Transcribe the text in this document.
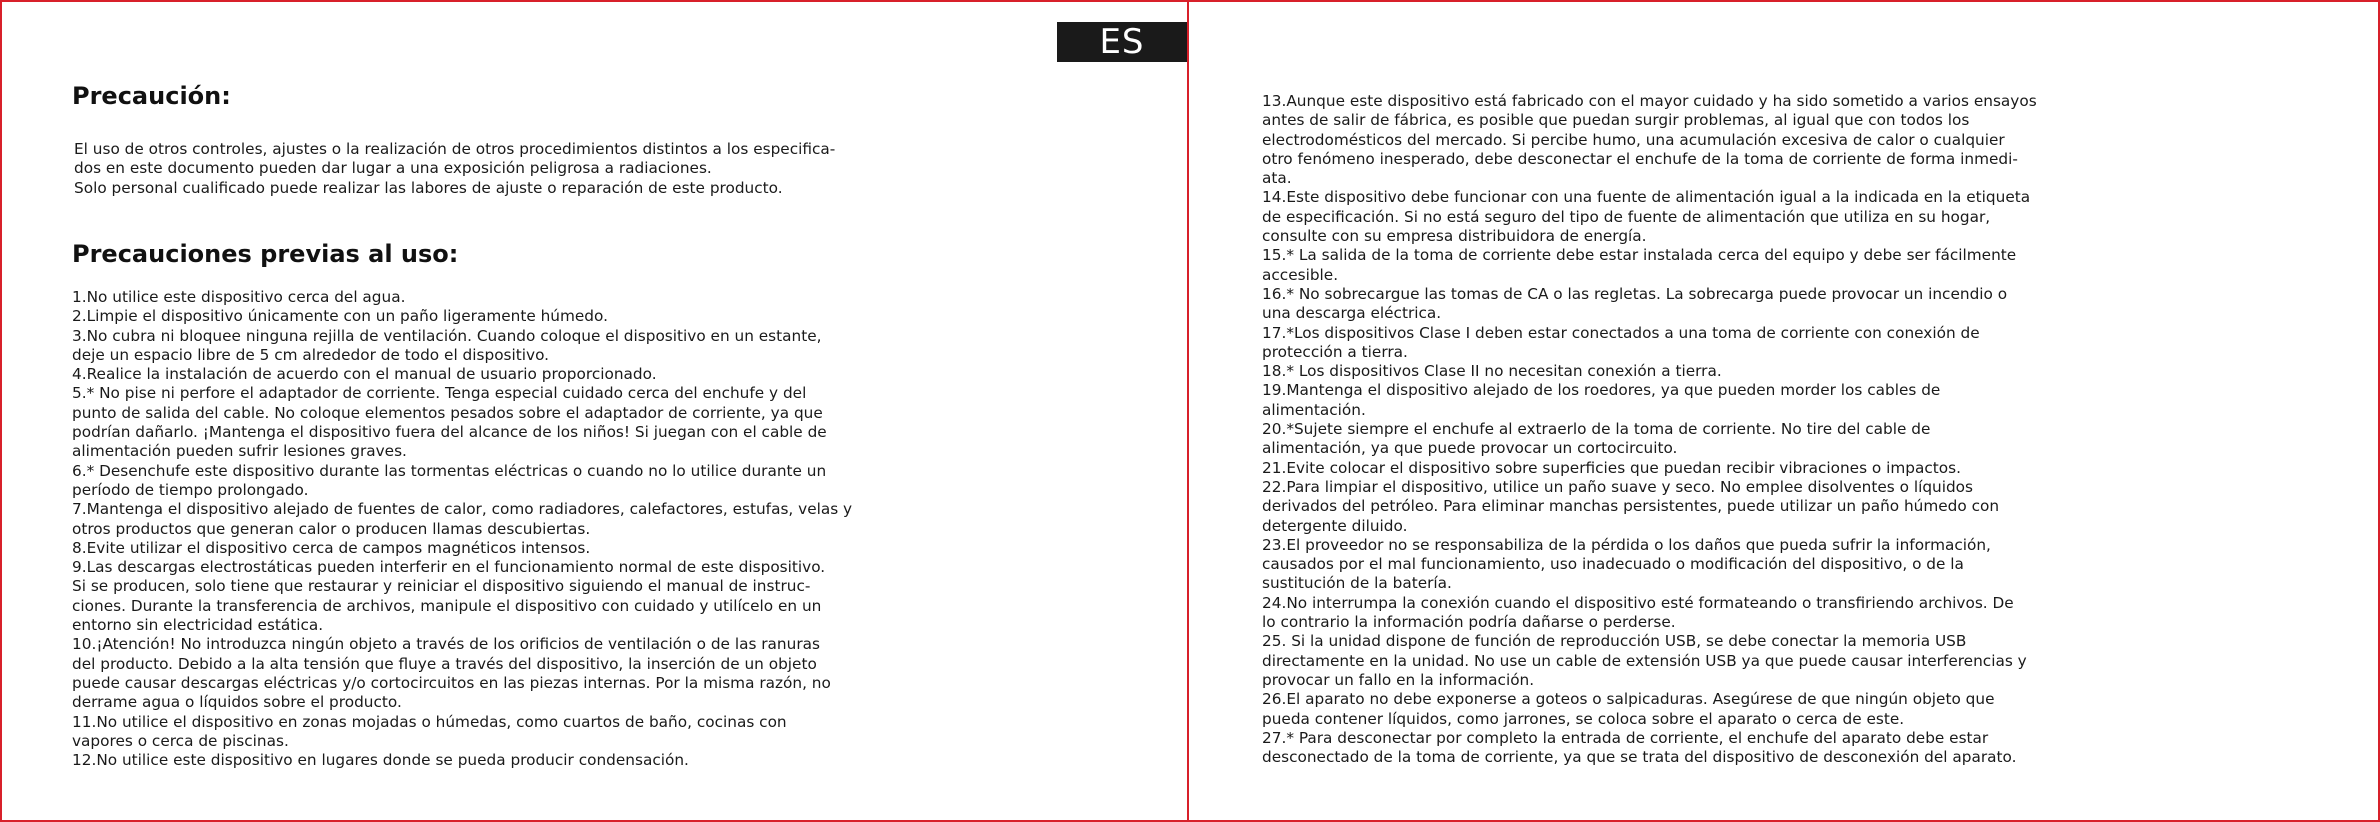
ES
Precaución:
El uso de otros controles, ajustes o la realización de otros procedimientos distintos a los especifica-
dos en este documento pueden dar lugar a una exposición peligrosa a radiaciones.
Solo personal cualificado puede realizar las labores de ajuste o reparación de este producto.
Precauciones previas al uso:
1.No utilice este dispositivo cerca del agua.
2.Limpie el dispositivo únicamente con un paño ligeramente húmedo.
3.No cubra ni bloquee ninguna rejilla de ventilación. Cuando coloque el dispositivo en un estante,
deje un espacio libre de 5 cm alrededor de todo el dispositivo.
4.Realice la instalación de acuerdo con el manual de usuario proporcionado.
5.* No pise ni perfore el adaptador de corriente. Tenga especial cuidado cerca del enchufe y del
punto de salida del cable. No coloque elementos pesados sobre el adaptador de corriente, ya que
podrían dañarlo. ¡Mantenga el dispositivo fuera del alcance de los niños! Si juegan con el cable de
alimentación pueden sufrir lesiones graves.
6.* Desenchufe este dispositivo durante las tormentas eléctricas o cuando no lo utilice durante un
período de tiempo prolongado.
7.Mantenga el dispositivo alejado de fuentes de calor, como radiadores, calefactores, estufas, velas y
otros productos que generan calor o producen llamas descubiertas.
8.Evite utilizar el dispositivo cerca de campos magnéticos intensos.
9.Las descargas electrostáticas pueden interferir en el funcionamiento normal de este dispositivo.
Si se producen, solo tiene que restaurar y reiniciar el dispositivo siguiendo el manual de instruc-
ciones. Durante la transferencia de archivos, manipule el dispositivo con cuidado y utilícelo en un
entorno sin electricidad estática.
10.¡Atención! No introduzca ningún objeto a través de los orificios de ventilación o de las ranuras
del producto. Debido a la alta tensión que fluye a través del dispositivo, la inserción de un objeto
puede causar descargas eléctricas y/o cortocircuitos en las piezas internas. Por la misma razón, no
derrame agua o líquidos sobre el producto.
11.No utilice el dispositivo en zonas mojadas o húmedas, como cuartos de baño, cocinas con
vapores o cerca de piscinas.
12.No utilice este dispositivo en lugares donde se pueda producir condensación.
13.Aunque este dispositivo está fabricado con el mayor cuidado y ha sido sometido a varios ensayos
antes de salir de fábrica, es posible que puedan surgir problemas, al igual que con todos los
electrodomésticos del mercado. Si percibe humo, una acumulación excesiva de calor o cualquier
otro fenómeno inesperado, debe desconectar el enchufe de la toma de corriente de forma inmedi-
ata.
14.Este dispositivo debe funcionar con una fuente de alimentación igual a la indicada en la etiqueta
de especificación. Si no está seguro del tipo de fuente de alimentación que utiliza en su hogar,
consulte con su empresa distribuidora de energía.
15.* La salida de la toma de corriente debe estar instalada cerca del equipo y debe ser fácilmente
accesible.
16.* No sobrecargue las tomas de CA o las regletas. La sobrecarga puede provocar un incendio o
una descarga eléctrica.
17.*Los dispositivos Clase I deben estar conectados a una toma de corriente con conexión de
protección a tierra.
18.* Los dispositivos Clase II no necesitan conexión a tierra.
19.Mantenga el dispositivo alejado de los roedores, ya que pueden morder los cables de
alimentación.
20.*Sujete siempre el enchufe al extraerlo de la toma de corriente. No tire del cable de
alimentación, ya que puede provocar un cortocircuito.
21.Evite colocar el dispositivo sobre superficies que puedan recibir vibraciones o impactos.
22.Para limpiar el dispositivo, utilice un paño suave y seco. No emplee disolventes o líquidos
derivados del petróleo. Para eliminar manchas persistentes, puede utilizar un paño húmedo con
detergente diluido.
23.El proveedor no se responsabiliza de la pérdida o los daños que pueda sufrir la información,
causados por el mal funcionamiento, uso inadecuado o modificación del dispositivo, o de la
sustitución de la batería.
24.No interrumpa la conexión cuando el dispositivo esté formateando o transfiriendo archivos. De
lo contrario la información podría dañarse o perderse.
25. Si la unidad dispone de función de reproducción USB, se debe conectar la memoria USB
directamente en la unidad. No use un cable de extensión USB ya que puede causar interferencias y
provocar un fallo en la información.
26.El aparato no debe exponerse a goteos o salpicaduras. Asegúrese de que ningún objeto que
pueda contener líquidos, como jarrones, se coloca sobre el aparato o cerca de este.
27.* Para desconectar por completo la entrada de corriente, el enchufe del aparato debe estar
desconectado de la toma de corriente, ya que se trata del dispositivo de desconexión del aparato.
